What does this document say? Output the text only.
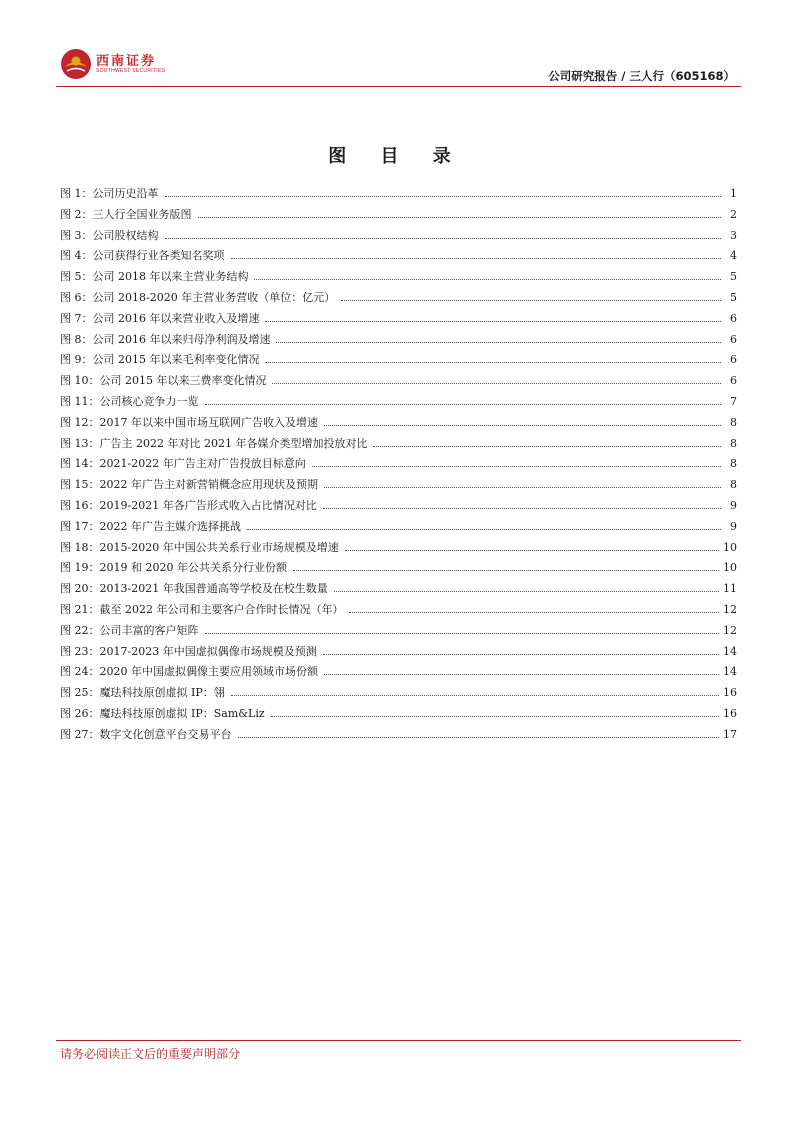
西南证券
SOUTHWEST SECURITIES	公司研究报告 / 三人行（605168）
图 目 录
图 1：公司历史沿革	1
图 2：三人行全国业务版图	2
图 3：公司股权结构	3
图 4：公司获得行业各类知名奖项	4
图 5：公司 2018 年以来主营业务结构	5
图 6：公司 2018-2020 年主营业务营收（单位：亿元）	5
图 7：公司 2016 年以来营业收入及增速	6
图 8：公司 2016 年以来归母净利润及增速	6
图 9：公司 2015 年以来毛利率变化情况	6
图 10：公司 2015 年以来三费率变化情况	6
图 11：公司核心竞争力一览	7
图 12：2017 年以来中国市场互联网广告收入及增速	8
图 13：广告主 2022 年对比 2021 年各媒介类型增加投放对比	8
图 14：2021-2022 年广告主对广告投放目标意向	8
图 15：2022 年广告主对新营销概念应用现状及预期	8
图 16：2019-2021 年各广告形式收入占比情况对比	9
图 17：2022 年广告主媒介选择挑战	9
图 18：2015-2020 年中国公共关系行业市场规模及增速	10
图 19：2019 和 2020 年公共关系分行业份额	10
图 20：2013-2021 年我国普通高等学校及在校生数量	11
图 21：截至 2022 年公司和主要客户合作时长情况（年）	12
图 22：公司丰富的客户矩阵	12
图 23：2017-2023 年中国虚拟偶像市场规模及预测	14
图 24：2020 年中国虚拟偶像主要应用领域市场份额	14
图 25：魔珐科技原创虚拟 IP：翎	16
图 26：魔珐科技原创虚拟 IP：Sam&Liz	16
图 27：数字文化创意平台交易平台	17
请务必阅读正文后的重要声明部分
